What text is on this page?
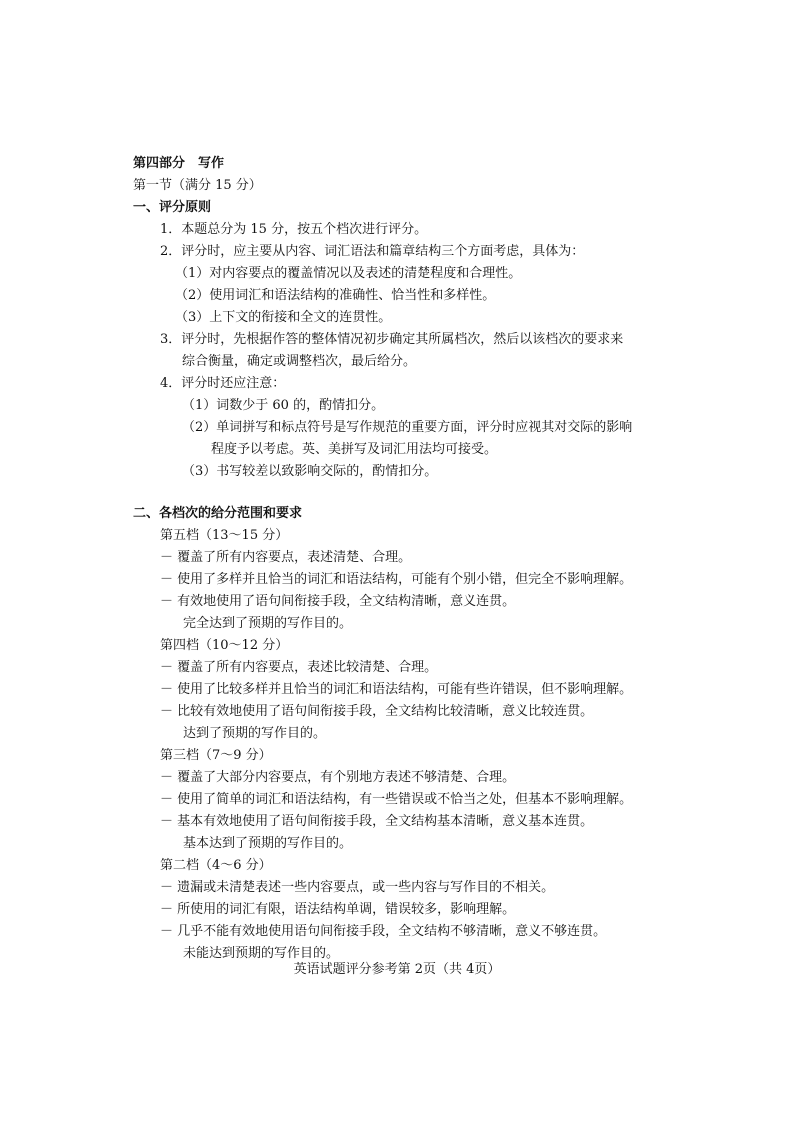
第四部分　写作
第一节（满分 15 分）
一、评分原则
1．本题总分为 15 分，按五个档次进行评分。
2．评分时，应主要从内容、词汇语法和篇章结构三个方面考虑，具体为：
（1）对内容要点的覆盖情况以及表述的清楚程度和合理性。
（2）使用词汇和语法结构的准确性、恰当性和多样性。
（3）上下文的衔接和全文的连贯性。
3．评分时，先根据作答的整体情况初步确定其所属档次，然后以该档次的要求来
综合衡量，确定或调整档次，最后给分。
4．评分时还应注意：
（1）词数少于 60 的，酌情扣分。
（2）单词拼写和标点符号是写作规范的重要方面，评分时应视其对交际的影响
程度予以考虑。英、美拼写及词汇用法均可接受。
（3）书写较差以致影响交际的，酌情扣分。
二、各档次的给分范围和要求
第五档（13～15 分）
－ 覆盖了所有内容要点，表述清楚、合理。
－ 使用了多样并且恰当的词汇和语法结构，可能有个别小错，但完全不影响理解。
－ 有效地使用了语句间衔接手段，全文结构清晰，意义连贯。
完全达到了预期的写作目的。
第四档（10～12 分）
－ 覆盖了所有内容要点，表述比较清楚、合理。
－ 使用了比较多样并且恰当的词汇和语法结构，可能有些许错误，但不影响理解。
－ 比较有效地使用了语句间衔接手段，全文结构比较清晰，意义比较连贯。
达到了预期的写作目的。
第三档（7～9 分）
－ 覆盖了大部分内容要点，有个别地方表述不够清楚、合理。
－ 使用了简单的词汇和语法结构，有一些错误或不恰当之处，但基本不影响理解。
－ 基本有效地使用了语句间衔接手段，全文结构基本清晰，意义基本连贯。
基本达到了预期的写作目的。
第二档（4～6 分）
－ 遗漏或未清楚表述一些内容要点，或一些内容与写作目的不相关。
－ 所使用的词汇有限，语法结构单调，错误较多，影响理解。
－ 几乎不能有效地使用语句间衔接手段，全文结构不够清晰，意义不够连贯。
未能达到预期的写作目的。
英语试题评分参考第 2页（共 4页）
